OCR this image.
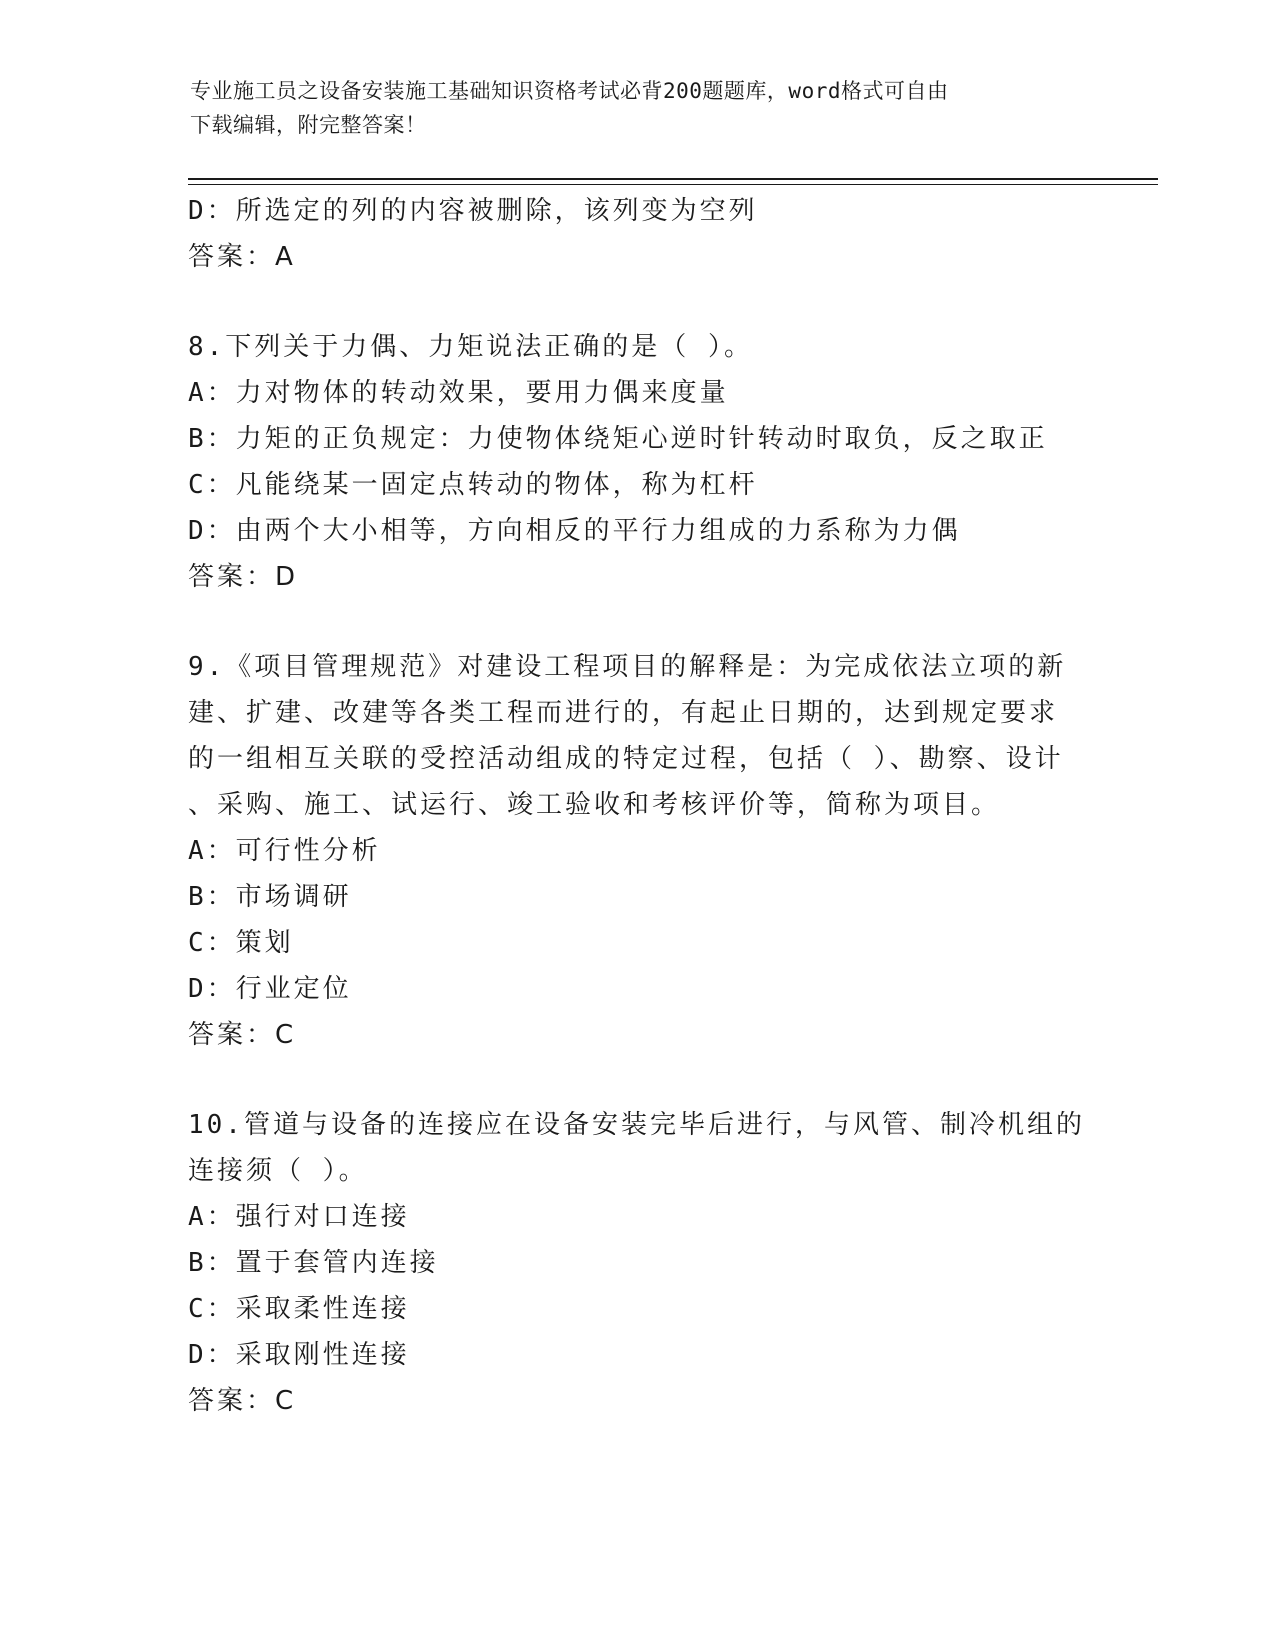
专业施工员之设备安装施工基础知识资格考试必背200题题库，word格式可自由
下载编辑，附完整答案！
D：所选定的列的内容被删除，该列变为空列
答案：A
8.下列关于力偶、力矩说法正确的是（ ）。
A：力对物体的转动效果，要用力偶来度量
B：力矩的正负规定：力使物体绕矩心逆时针转动时取负，反之取正
C：凡能绕某一固定点转动的物体，称为杠杆
D：由两个大小相等，方向相反的平行力组成的力系称为力偶
答案：D
9.《项目管理规范》对建设工程项目的解释是：为完成依法立项的新
建、扩建、改建等各类工程而进行的，有起止日期的，达到规定要求
的一组相互关联的受控活动组成的特定过程，包括（ ）、勘察、设计
、采购、施工、试运行、竣工验收和考核评价等，简称为项目。
A：可行性分析
B：市场调研
C：策划
D：行业定位
答案：C
10.管道与设备的连接应在设备安装完毕后进行，与风管、制冷机组的
连接须（ ）。
A：强行对口连接
B：置于套管内连接
C：采取柔性连接
D：采取刚性连接
答案：C
